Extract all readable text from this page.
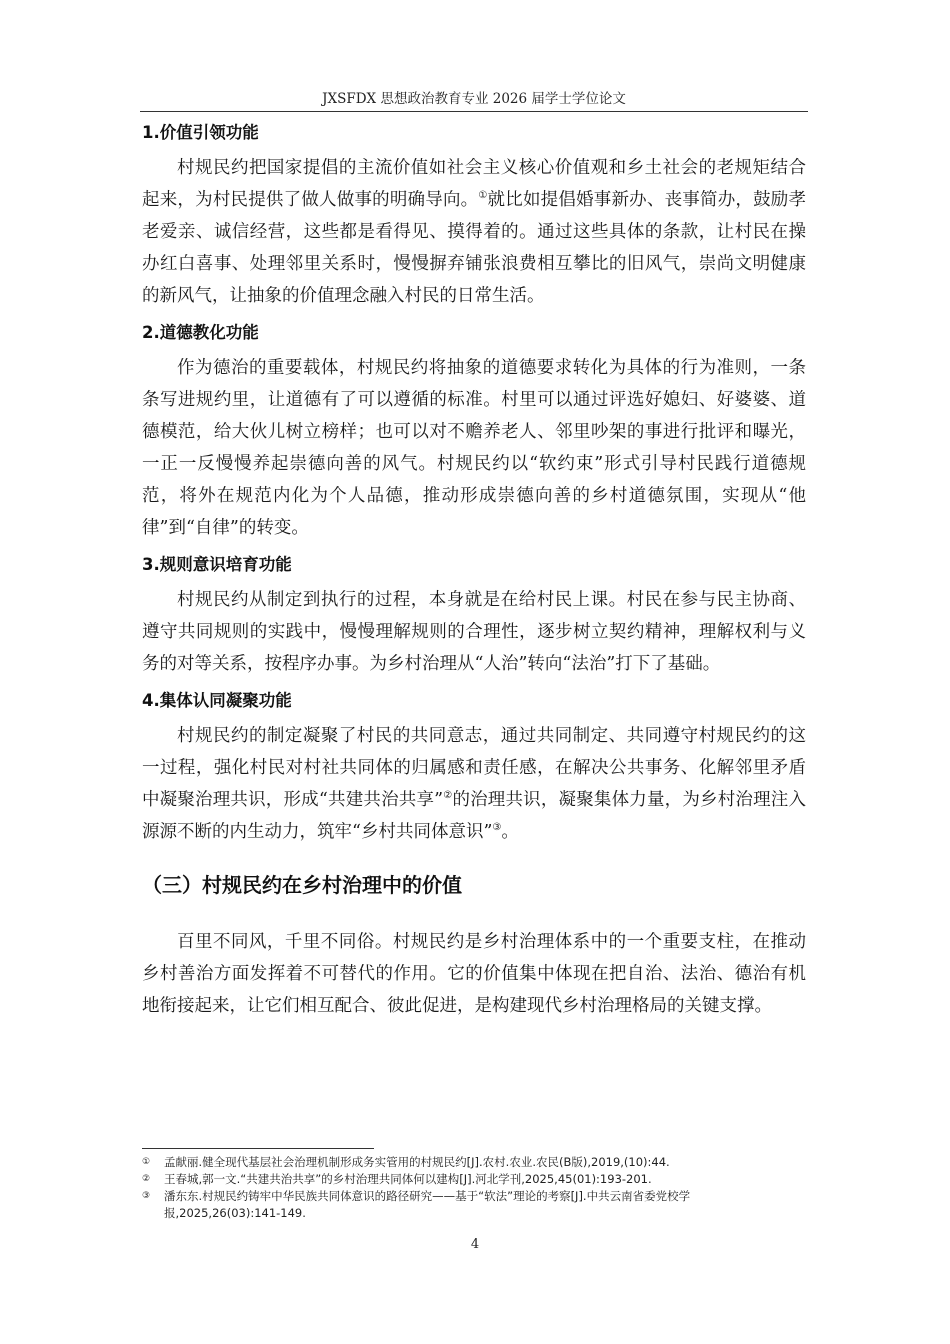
JXSFDX 思想政治教育专业 2026 届学士学位论文
1.价值引领功能

村规民约把国家提倡的主流价值如社会主义核心价值观和乡土社会的老规矩结合起来，为村民提供了做人做事的明确导向。①就比如提倡婚事新办、丧事简办，鼓励孝老爱亲、诚信经营，这些都是看得见、摸得着的。通过这些具体的条款，让村民在操办红白喜事、处理邻里关系时，慢慢摒弃铺张浪费相互攀比的旧风气，崇尚文明健康的新风气，让抽象的价值理念融入村民的日常生活。

2.道德教化功能

作为德治的重要载体，村规民约将抽象的道德要求转化为具体的行为准则，一条条写进规约里，让道德有了可以遵循的标准。村里可以通过评选好媳妇、好婆婆、道德模范，给大伙儿树立榜样；也可以对不赡养老人、邻里吵架的事进行批评和曝光，一正一反慢慢养起崇德向善的风气。村规民约以“软约束”形式引导村民践行道德规范，将外在规范内化为个人品德，推动形成崇德向善的乡村道德氛围，实现从“他律”到“自律”的转变。

3.规则意识培育功能

村规民约从制定到执行的过程，本身就是在给村民上课。村民在参与民主协商、遵守共同规则的实践中，慢慢理解规则的合理性，逐步树立契约精神，理解权利与义务的对等关系，按程序办事。为乡村治理从“人治”转向“法治”打下了基础。

4.集体认同凝聚功能

村规民约的制定凝聚了村民的共同意志，通过共同制定、共同遵守村规民约的这一过程，强化村民对村社共同体的归属感和责任感，在解决公共事务、化解邻里矛盾中凝聚治理共识，形成“共建共治共享”②的治理共识，凝聚集体力量，为乡村治理注入源源不断的内生动力，筑牢“乡村共同体意识”③。

（三）村规民约在乡村治理中的价值

百里不同风，千里不同俗。村规民约是乡村治理体系中的一个重要支柱，在推动乡村善治方面发挥着不可替代的作用。它的价值集中体现在把自治、法治、德治有机地衔接起来，让它们相互配合、彼此促进，是构建现代乡村治理格局的关键支撑。

①	孟献丽.健全现代基层社会治理机制形成务实管用的村规民约[J].农村.农业.农民(B版),2019,(10):44.
②	王春城,郭一文.“共建共治共享”的乡村治理共同体何以建构[J].河北学刊,2025,45(01):193-201.
③	潘东东.村规民约铸牢中华民族共同体意识的路径研究——基于“软法”理论的考察[J].中共云南省委党校学报,2025,26(03):141-149.
4
